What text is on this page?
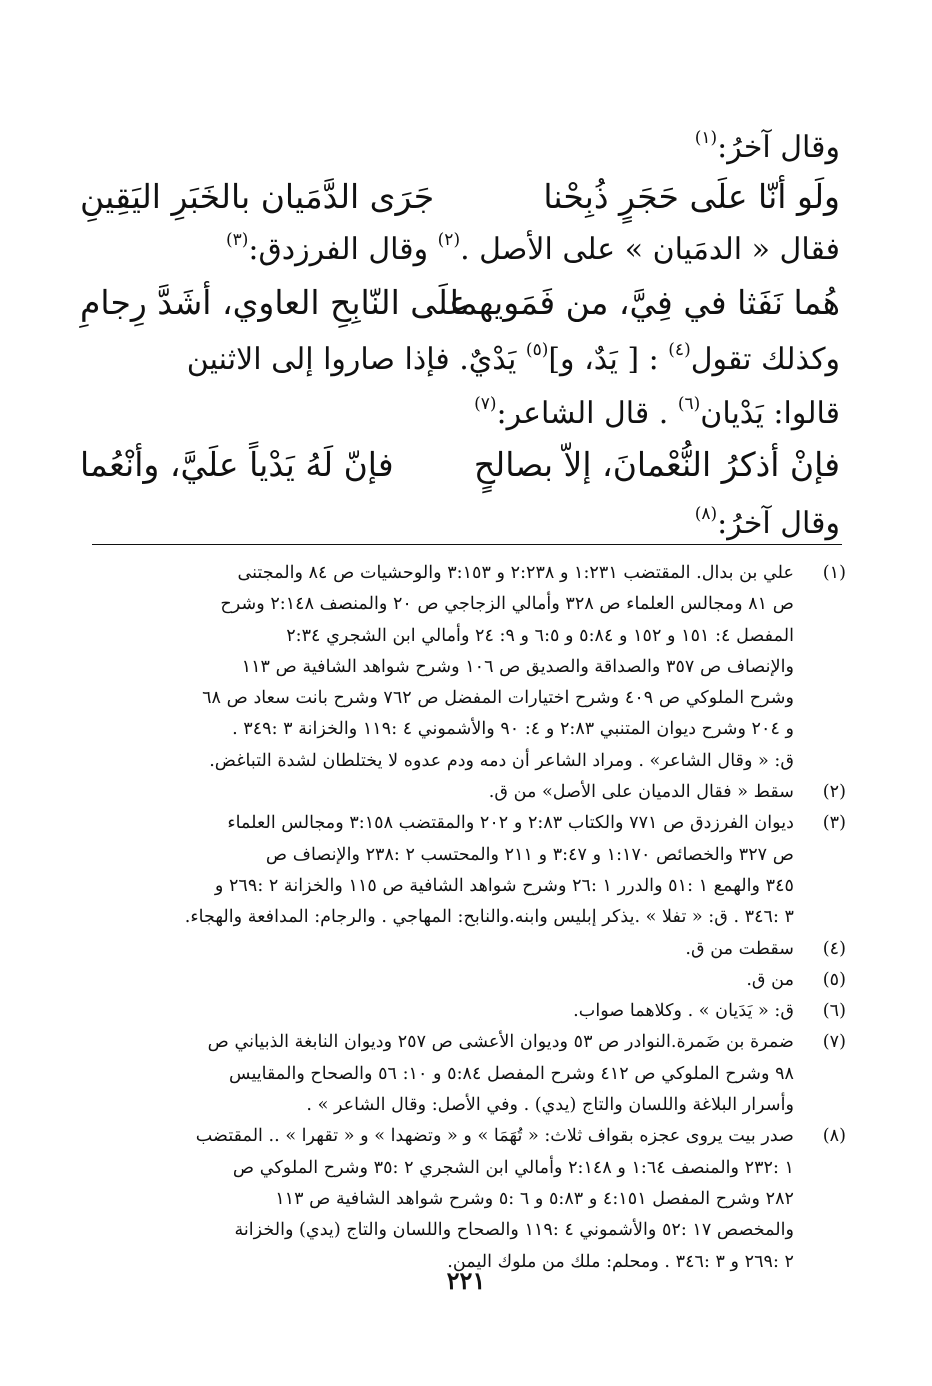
وقال آخرُ:$^{(١)}$
ولَو أنّا علَى حَجَرٍ ذُبِحْنا
جَرَى الدَّمَيان بالخَبَرِ اليَقِينِ
فقال « الدمَيان » على الأصل .$^{(٢)}$ وقال الفرزدق:$^{(٣)}$
هُما نَفَثا في فِيَّ، من فَمَويهما
علَى النّابِحِ العاوي، أشَدَّ رِجامِ
وكذلك تقول$^{(٤)}$ : [ يَدٌ، و]$^{(٥)}$ يَدْيٌ. فإذا صاروا إلى الاثنين
قالوا: يَدْيان$^{(٦)}$ . قال الشاعر:$^{(٧)}$
فإنْ أذكرُ النُّعْمانَ، إلاّ بصالحٍ
فإنّ لَهُ يَدْياً علَيَّ، وأنْعُما
وقال آخرُ:$^{(٨)}$
(١)
علي بن بدال. المقتضب ١:٢٣١ و ٢:٢٣٨ و ٣:١٥٣ والوحشيات ص ٨٤ والمجتنى
ص ٨١ ومجالس العلماء ص ٣٢٨ وأمالي الزجاجي ص ٢٠ والمنصف ٢:١٤٨ وشرح
المفصل ٤: ١٥١ و ١٥٢ و ٥:٨٤ و ٦:٥ و ٩: ٢٤ وأمالي ابن الشجري ٢:٣٤
والإنصاف ص ٣٥٧ والصداقة والصديق ص ١٠٦ وشرح شواهد الشافية ص ١١٣
وشرح الملوكي ص ٤٠٩ وشرح اختيارات المفضل ص ٧٦٢ وشرح بانت سعاد ص ٦٨
و ٢٠٤ وشرح ديوان المتنبي ٢:٨٣ و ٤: ٩٠ والأشموني ٤ :١١٩ والخزانة ٣ :٣٤٩ .
ق: « وقال الشاعر» . ومراد الشاعر أن دمه ودم عدوه لا يختلطان لشدة التباغض.
(٢)
سقط « فقال الدميان على الأصل» من ق.
(٣)
ديوان الفرزدق ص ٧٧١ والكتاب ٢:٨٣ و ٢٠٢ والمقتضب ٣:١٥٨ ومجالس العلماء
ص ٣٢٧ والخصائص ١:١٧٠ و ٣:٤٧ و ٢١١ والمحتسب ٢ :٢٣٨ والإنصاف ص
٣٤٥ والهمع ١ :٥١ والدرر ١ :٢٦ وشرح شواهد الشافية ص ١١٥ والخزانة ٢ :٢٦٩ و
٣ :٣٤٦ . ق: « تفلا » .يذكر إبليس وابنه.والنابح: المهاجي . والرجام: المدافعة والهجاء.
(٤)
سقطت من ق.
(٥)
من ق.
(٦)
ق: « يَدَيان » . وكلاهما صواب.
(٧)
ضمرة بن ضَمرة.النوادر ص ٥٣ وديوان الأعشى ص ٢٥٧ وديوان النابغة الذبياني ص
٩٨ وشرح الملوكي ص ٤١٢ وشرح المفصل ٥:٨٤ و ١٠: ٥٦ والصحاح والمقاييس
وأسرار البلاغة واللسان والتاج (يدي) . وفي الأصل: وقال الشاعر » .
(٨)
صدر بيت يروى عجزه بقواف ثلاث: « تُهَمَا » و « وتضهدا » و « تقهرا » .. المقتضب
١ :٢٣٢ والمنصف ١:٦٤ و ٢:١٤٨ وأمالي ابن الشجري ٢ :٣٥ وشرح الملوكي ص
٢٨٢ وشرح المفصل ٤:١٥١ و ٥:٨٣ و ٦ :٥ وشرح شواهد الشافية ص ١١٣
والمخصص ١٧ :٥٢ والأشموني ٤ :١١٩ والصحاح واللسان والتاج (يدي) والخزانة
٢ :٢٦٩ و ٣ :٣٤٦ . ومحلم: ملك من ملوك اليمن.
٢٢١
